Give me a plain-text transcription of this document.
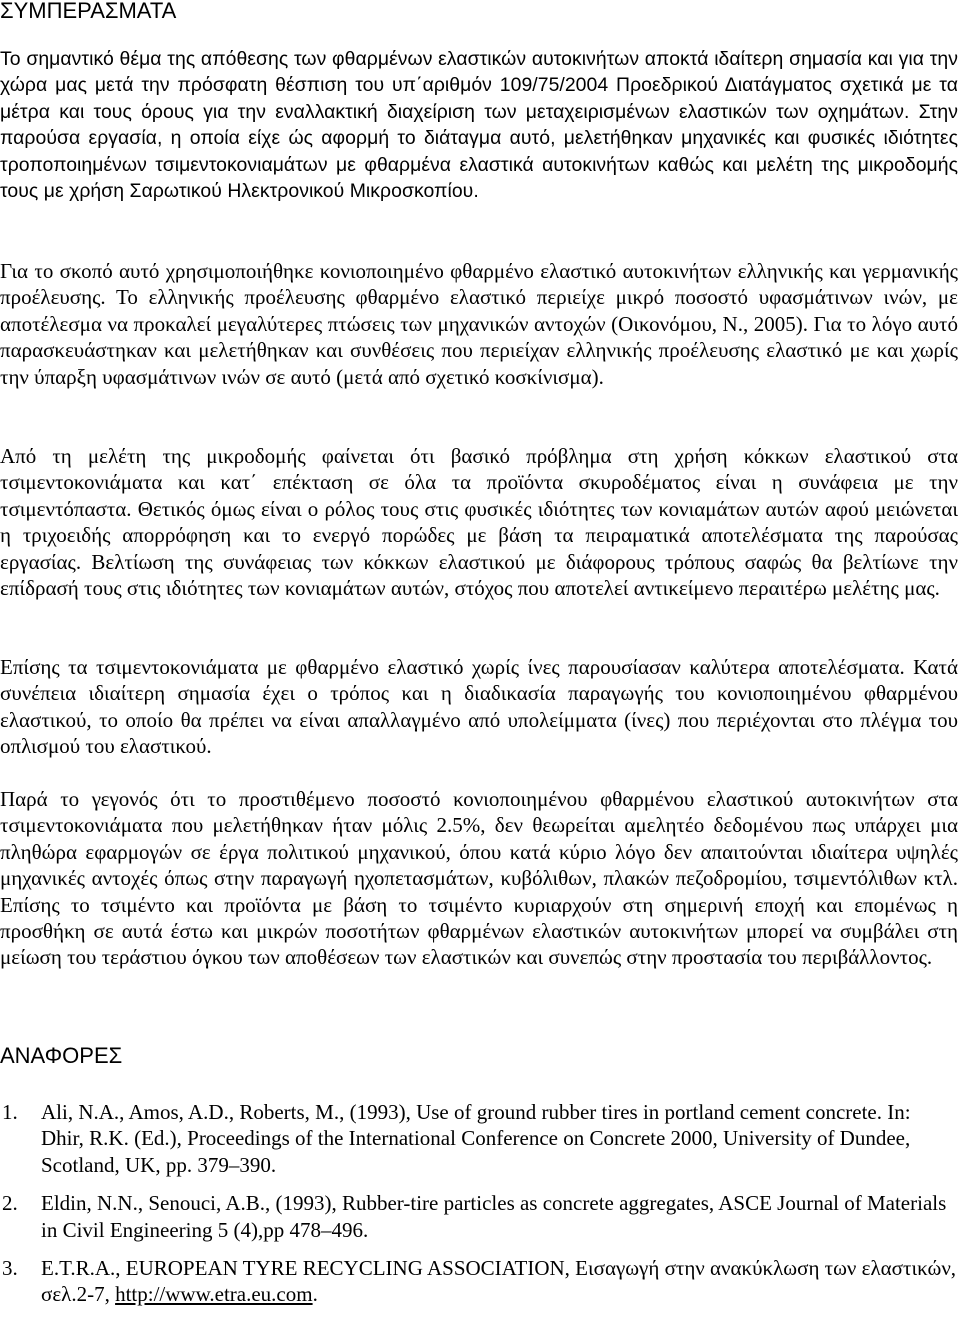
ΣΥΜΠΕΡΑΣΜΑΤΑ

Το σημαντικό θέμα της απόθεσης των φθαρμένων ελαστικών αυτοκινήτων αποκτά ιδαίτερη σημασία και για την χώρα μας μετά την πρόσφατη θέσπιση του υπ΄αριθμόν 109/75/2004 Προεδρικού Διατάγματος σχετικά με τα μέτρα και τους όρους για την εναλλακτική διαχείριση των μεταχειρισμένων ελαστικών των οχημάτων. Στην παρούσα εργασία, η οποία είχε ώς αφορμή το διάταγμα αυτό, μελετήθηκαν μηχανικές και φυσικές ιδιότητες τροποποιημένων τσιμεντοκονιαμάτων με φθαρμένα ελαστικά αυτοκινήτων καθώς και μελέτη της μικροδομής τους με χρήση Σαρωτικού Ηλεκτρονικού Μικροσκοπίου.

Για το σκοπό αυτό χρησιμοποιήθηκε κονιοποιημένο φθαρμένο ελαστικό αυτοκινήτων ελληνικής και γερμανικής προέλευσης. Το ελληνικής προέλευσης φθαρμένο ελαστικό περιείχε μικρό ποσοστό υφασμάτινων ινών, με αποτέλεσμα να προκαλεί μεγαλύτερες πτώσεις των μηχανικών αντοχών (Οικονόμου, Ν., 2005). Για το λόγο αυτό παρασκευάστηκαν και μελετήθηκαν και συνθέσεις που περιείχαν ελληνικής προέλευσης ελαστικό με και χωρίς την ύπαρξη υφασμάτινων ινών σε αυτό (μετά από σχετικό κοσκίνισμα).

Από τη μελέτη της μικροδομής φαίνεται ότι βασικό πρόβλημα στη χρήση κόκκων ελαστικού στα τσιμεντοκονιάματα και κατ΄ επέκταση σε όλα τα προϊόντα σκυροδέματος είναι η συνάφεια με την τσιμεντόπαστα. Θετικός όμως είναι ο ρόλος τους στις φυσικές ιδιότητες των κονιαμάτων αυτών αφού μειώνεται η τριχοειδής απορρόφηση και το ενεργό πορώδες με βάση τα πειραματικά αποτελέσματα της παρούσας εργασίας. Βελτίωση της συνάφειας των κόκκων ελαστικού με διάφορους τρόπους σαφώς θα βελτίωνε την επίδρασή τους στις ιδιότητες των κονιαμάτων αυτών, στόχος που αποτελεί αντικείμενο περαιτέρω μελέτης μας.

Επίσης τα τσιμεντοκονιάματα με φθαρμένο ελαστικό χωρίς ίνες παρουσίασαν καλύτερα αποτελέσματα. Κατά συνέπεια ιδιαίτερη σημασία έχει ο τρόπος και η διαδικασία παραγωγής του κονιοποιημένου φθαρμένου ελαστικού, το οποίο θα πρέπει να είναι απαλλαγμένο από υπολείμματα (ίνες) που περιέχονται στο πλέγμα του οπλισμού του ελαστικού.

Παρά το γεγονός ότι το προστιθέμενο ποσοστό κονιοποιημένου φθαρμένου ελαστικού αυτοκινήτων στα τσιμεντοκονιάματα που μελετήθηκαν ήταν μόλις 2.5%, δεν θεωρείται αμελητέο δεδομένου πως υπάρχει μια πληθώρα εφαρμογών σε έργα πολιτικού μηχανικού, όπου κατά κύριο λόγο δεν απαιτούνται ιδιαίτερα υψηλές μηχανικές αντοχές όπως στην παραγωγή ηχοπετασμάτων, κυβόλιθων, πλακών πεζοδρομίου, τσιμεντόλιθων κτλ. Επίσης το τσιμέντο και προϊόντα με βάση το τσιμέντο κυριαρχούν στη σημερινή εποχή και επομένως η προσθήκη σε αυτά έστω και μικρών ποσοτήτων φθαρμένων ελαστικών αυτοκινήτων μπορεί να συμβάλει στη μείωση του τεράστιου όγκου των αποθέσεων των ελαστικών και συνεπώς στην προστασία του περιβάλλοντος.

ΑΝΑΦΟΡΕΣ
1. Ali, N.A., Amos, A.D., Roberts, M., (1993), Use of ground rubber tires in portland cement concrete. In: Dhir, R.K. (Ed.), Proceedings of the International Conference on Concrete 2000, University of Dundee, Scotland, UK, pp. 379–390.
2. Eldin, N.N., Senouci, A.B., (1993), Rubber-tire particles as concrete aggregates, ASCE Journal of Materials in Civil Engineering 5 (4),pp 478–496.
3. E.T.R.A., EUROPEAN TYRE RECYCLING ASSOCIATION, Εισαγωγή στην ανακύκλωση των ελαστικών, σελ.2-7, http://www.etra.eu.com.
